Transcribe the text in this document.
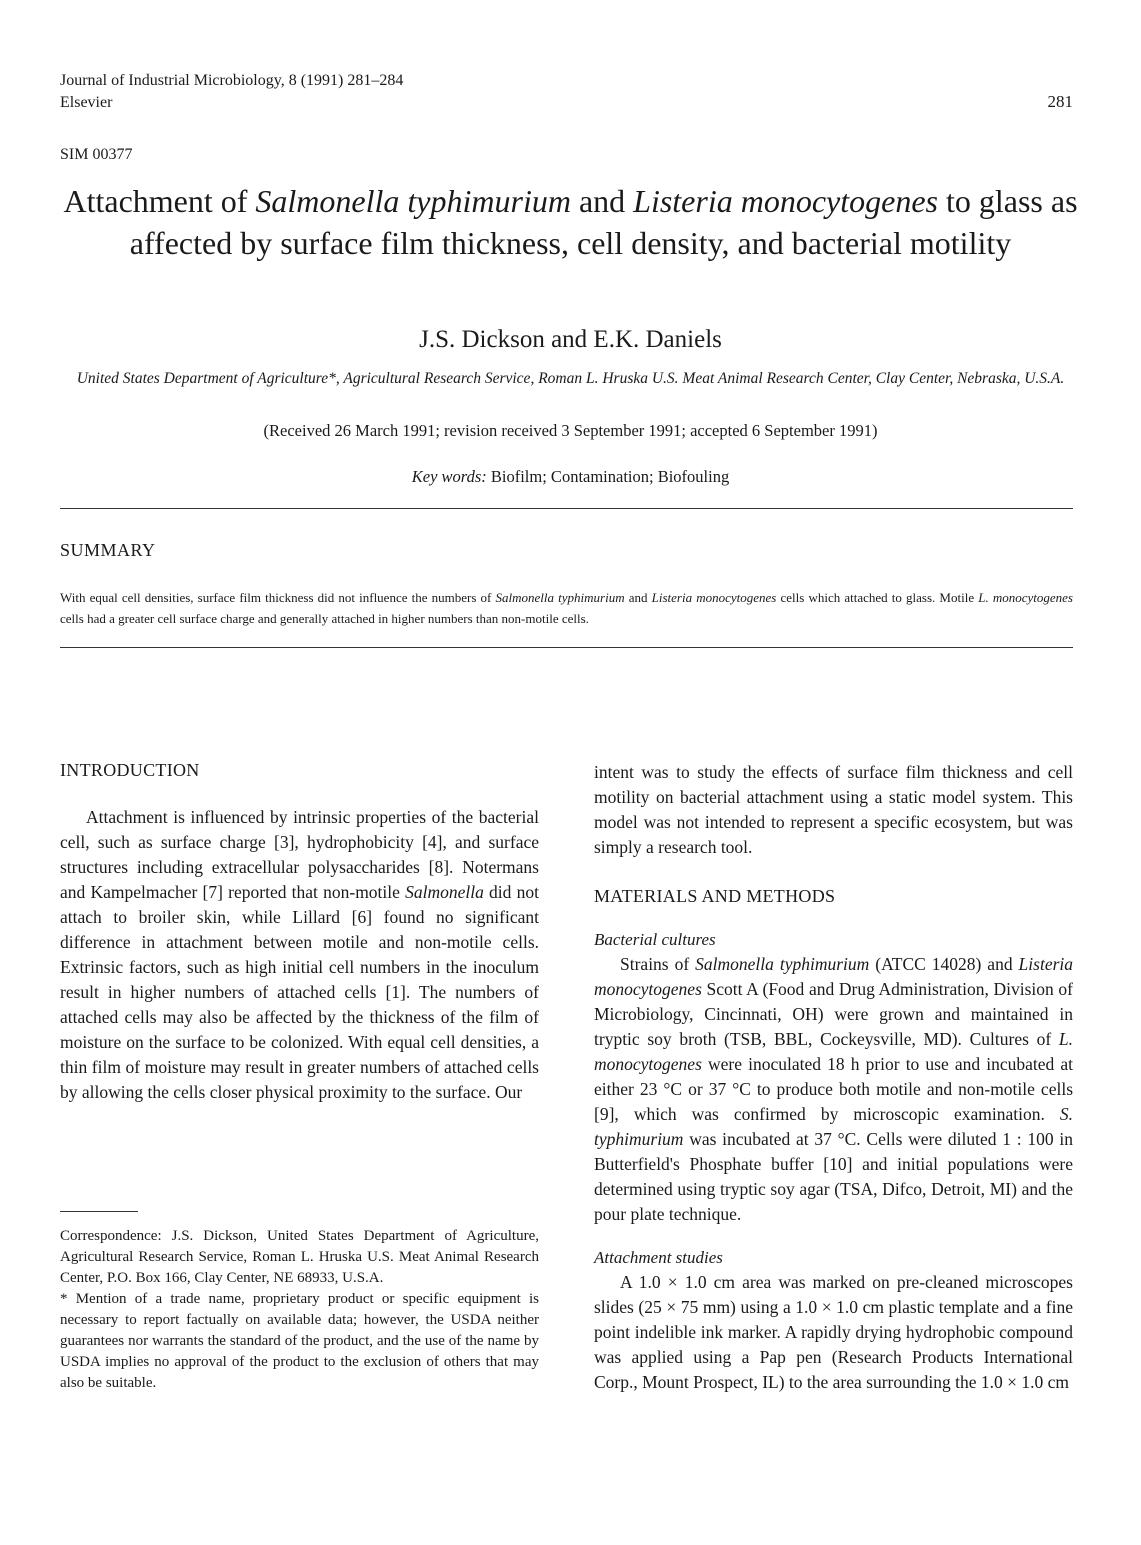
Journal of Industrial Microbiology, 8 (1991) 281–284
Elsevier	281
SIM 00377
Attachment of Salmonella typhimurium and Listeria monocytogenes to glass as affected by surface film thickness, cell density, and bacterial motility
J.S. Dickson and E.K. Daniels
United States Department of Agriculture*, Agricultural Research Service, Roman L. Hruska U.S. Meat Animal Research Center, Clay Center, Nebraska, U.S.A.
(Received 26 March 1991; revision received 3 September 1991; accepted 6 September 1991)
Key words: Biofilm; Contamination; Biofouling
SUMMARY
With equal cell densities, surface film thickness did not influence the numbers of Salmonella typhimurium and Listeria monocytogenes cells which attached to glass. Motile L. monocytogenes cells had a greater cell surface charge and generally attached in higher numbers than non-motile cells.
INTRODUCTION

Attachment is influenced by intrinsic properties of the bacterial cell, such as surface charge [3], hydrophobicity [4], and surface structures including extracellular polysaccharides [8]. Notermans and Kampelmacher [7] reported that non-motile Salmonella did not attach to broiler skin, while Lillard [6] found no significant difference in attachment between motile and non-motile cells. Extrinsic factors, such as high initial cell numbers in the inoculum result in higher numbers of attached cells [1]. The numbers of attached cells may also be affected by the thickness of the film of moisture on the surface to be colonized. With equal cell densities, a thin film of moisture may result in greater numbers of attached cells by allowing the cells closer physical proximity to the surface. Our

Correspondence: J.S. Dickson, United States Department of Agriculture, Agricultural Research Service, Roman L. Hruska U.S. Meat Animal Research Center, P.O. Box 166, Clay Center, NE 68933, U.S.A.

* Mention of a trade name, proprietary product or specific equipment is necessary to report factually on available data; however, the USDA neither guarantees nor warrants the standard of the product, and the use of the name by USDA implies no approval of the product to the exclusion of others that may also be suitable.

intent was to study the effects of surface film thickness and cell motility on bacterial attachment using a static model system. This model was not intended to represent a specific ecosystem, but was simply a research tool.

MATERIALS AND METHODS
Bacterial cultures

Strains of Salmonella typhimurium (ATCC 14028) and Listeria monocytogenes Scott A (Food and Drug Administration, Division of Microbiology, Cincinnati, OH) were grown and maintained in tryptic soy broth (TSB, BBL, Cockeysville, MD). Cultures of L. monocytogenes were inoculated 18 h prior to use and incubated at either 23 °C or 37 °C to produce both motile and non-motile cells [9], which was confirmed by microscopic examination. S. typhimurium was incubated at 37 °C. Cells were diluted 1 : 100 in Butterfield's Phosphate buffer [10] and initial populations were determined using tryptic soy agar (TSA, Difco, Detroit, MI) and the pour plate technique.

Attachment studies

A 1.0 × 1.0 cm area was marked on pre-cleaned microscopes slides (25 × 75 mm) using a 1.0 × 1.0 cm plastic template and a fine point indelible ink marker. A rapidly drying hydrophobic compound was applied using a Pap pen (Research Products International Corp., Mount Prospect, IL) to the area surrounding the 1.0 × 1.0 cm
